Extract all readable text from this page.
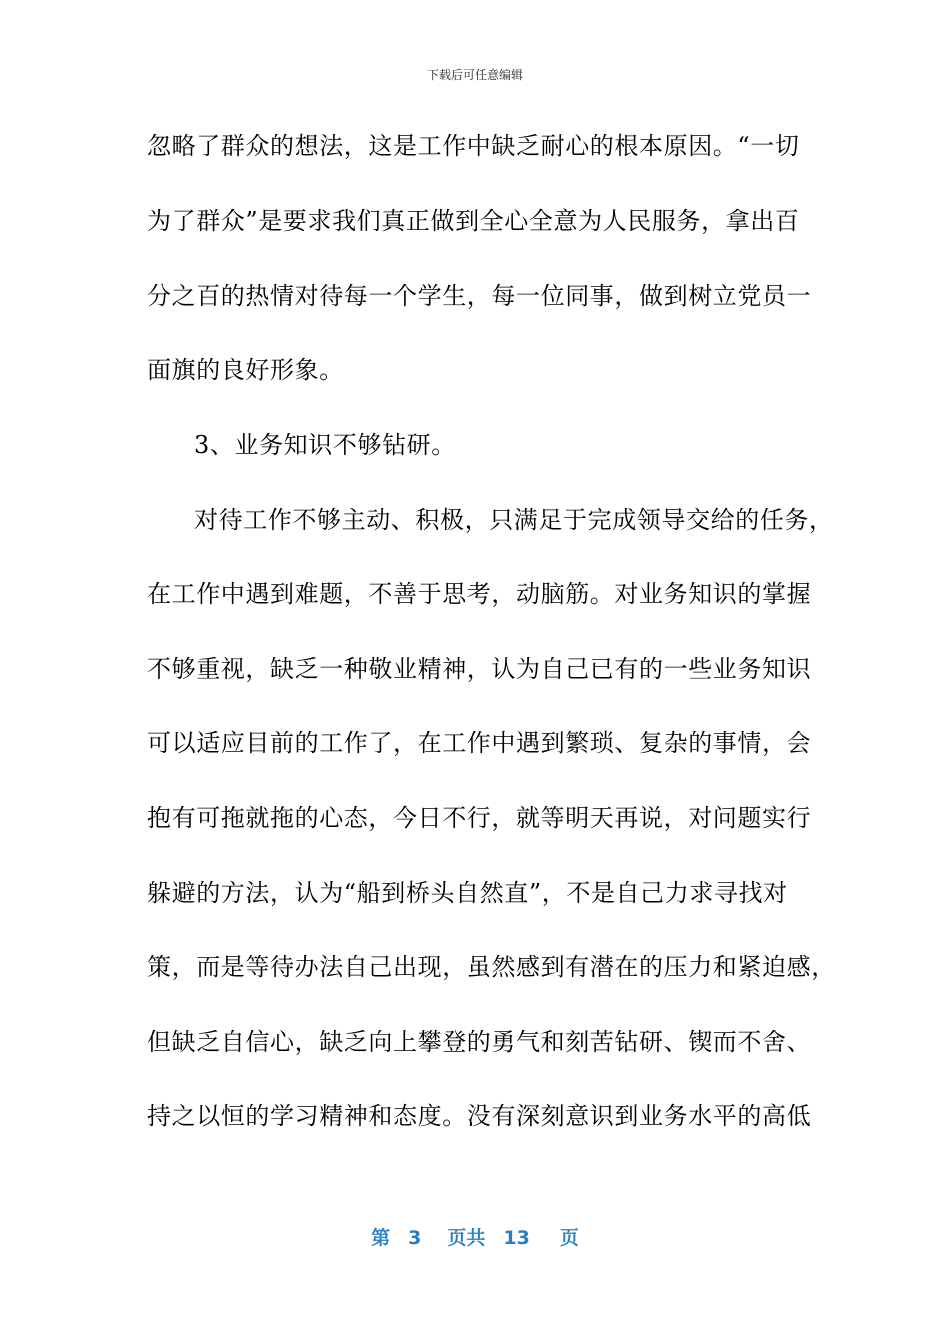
下载后可任意编辑
忽略了群众的想法，这是工作中缺乏耐心的根本原因。“一切
为了群众”是要求我们真正做到全心全意为人民服务，拿出百
分之百的热情对待每一个学生，每一位同事，做到树立党员一
面旗的良好形象。
3、业务知识不够钻研。
对待工作不够主动、积极，只满足于完成领导交给的任务，
在工作中遇到难题，不善于思考，动脑筋。对业务知识的掌握
不够重视，缺乏一种敬业精神，认为自己已有的一些业务知识
可以适应目前的工作了，在工作中遇到繁琐、复杂的事情，会
抱有可拖就拖的心态，今日不行，就等明天再说，对问题实行
躲避的方法，认为“船到桥头自然直”，不是自己力求寻找对
策，而是等待办法自己出现，虽然感到有潜在的压力和紧迫感，
但缺乏自信心，缺乏向上攀登的勇气和刻苦钻研、锲而不舍、
持之以恒的学习精神和态度。没有深刻意识到业务水平的高低
第 3 页共 13 页
